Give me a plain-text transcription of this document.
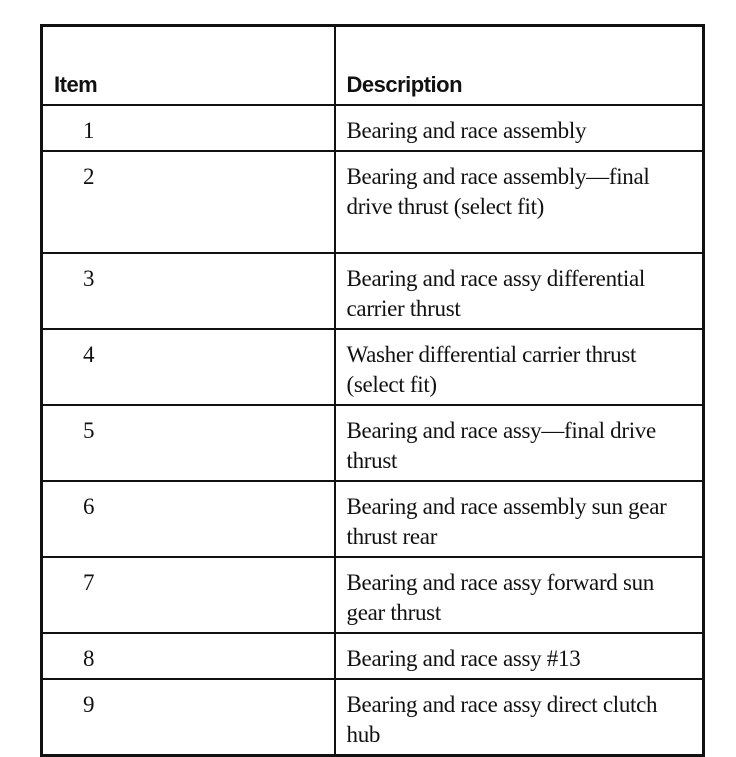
Item	Description
1	Bearing and race assembly
2	Bearing and race assembly—final drive thrust (select fit)
3	Bearing and race assy differential carrier thrust
4	Washer differential carrier thrust (select fit)
5	Bearing and race assy—final drive thrust
6	Bearing and race assembly sun gear thrust rear
7	Bearing and race assy forward sun gear thrust
8	Bearing and race assy #13
9	Bearing and race assy direct clutch hub
